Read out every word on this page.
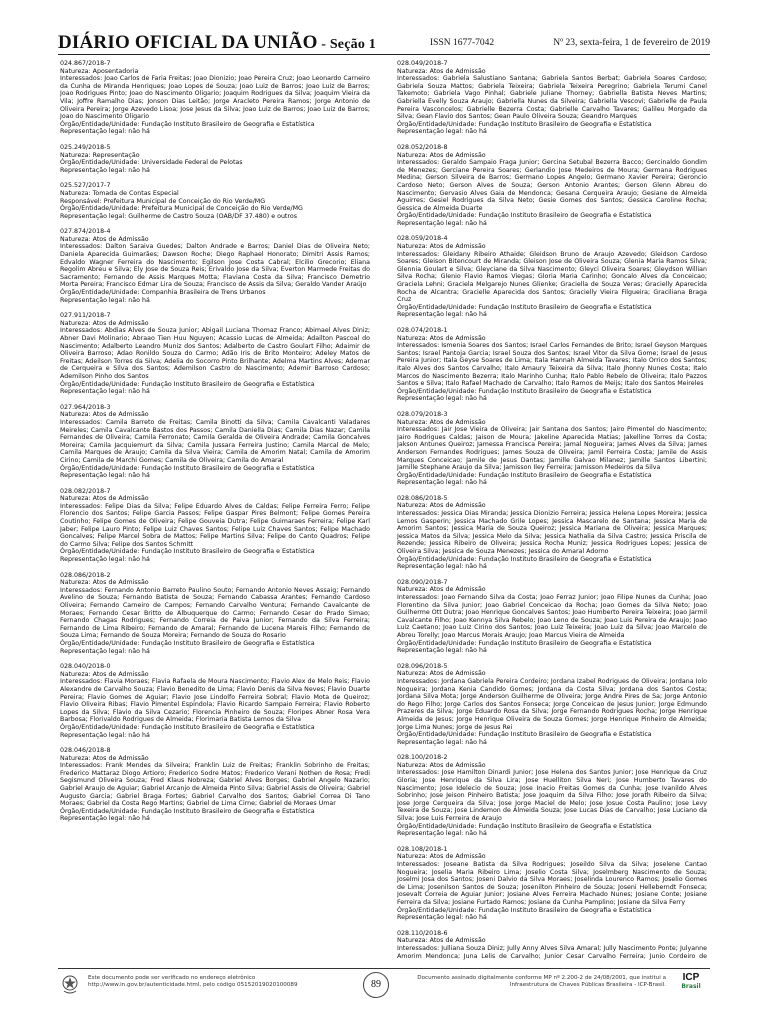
DIÁRIO OFICIAL DA UNIÃO - Seção 1	ISSN 1677-7042	Nº 23, sexta-feira, 1 de fevereiro de 2019

024.867/2018-7

Natureza: Aposentadoria

Interessados: Joao Carlos de Faria Freitas; Joao Dionizio; Joao Pereira Cruz; Joao Leonardo Carneiro da Cunha de Miranda Henriques; Joao Lopes de Souza; Joao Luiz de Barros; Joao Luiz de Barros; Joao Rodrigues Pinto; Joao do Nascimento Oligario; Joaquim Rodrigues da Silva; Joaquim Vieira da Vila; Joffre Ramalho Dias; Jonson Dias Leitão; Jorge Aracleto Pereira Ramos; Jorge Antonio de Oliveira Pereira; Jorge Azevedo Lisoa; Jose Jesus da Silva; Joao Luiz de Barros; Joao Luiz de Barros; Joao do Nascimento Oligario

Órgão/Entidade/Unidade: Fundação Instituto Brasileiro de Geografia e Estatística

Representação legal: não há

025.249/2018-5

Natureza: Representação

Órgão/Entidade/Unidade: Universidade Federal de Pelotas

Representação legal: não há

025.527/2017-7

Natureza: Tomada de Contas Especial

Responsável: Prefeitura Municipal de Conceição do Rio Verde/MG

Órgão/Entidade/Unidade: Prefeitura Municipal de Conceição do Rio Verde/MG

Representação legal: Guilherme de Castro Souza (OAB/DF 37.480) e outros

027.874/2018-4

Natureza: Atos de Admissão

Interessados: Dalton Saraiva Guedes; Dalton Andrade e Barros; Daniel Dias de Oliveira Neto; Daniela Aparecida Guimarães; Dawson Roche; Diego Raphael Honorato; Dimitri Assis Ramos; Edvaldo Wagner Ferreira do Nascimento; Egilson Jose Costa Cabral; Elcilio Grecorio; Eliana Regolim Abreu e Silva; Ely Jose de Souza Reis; Erivaldo Jose da Silva; Everton Marmede Freitas do Sacramento; Fernando de Assis Marques Motta; Flaviana Costa da Silva; Francisco Demetrio Morta Pereira; Francisco Edmar Lira de Souza; Francisco de Assis da Silva; Geraldo Vander Araújo

Órgão/Entidade/Unidade: Companhia Brasileira de Trens Urbanos

Representação legal: não há

027.911/2018-7

Natureza: Atos de Admissão

Interessados: Abdias Alves de Souza Junior; Abigail Luciana Thomaz Franco; Abimael Alves Diniz; Abner Davi Molinario; Abraao Tien Huu Nguyen; Acassio Lucas de Almeida; Adailton Pascoal do Nascimento; Adalberto Leandro Muniz dos Santos; Adalberto de Castro Goulart Filho; Adaimir de Oliveira Barroso; Adao Ronildo Souza do Carmo; Adão Iris de Brito Monteiro; Adeley Matos de Freitas; Adeilson Torres da Silva; Adelia do Socorro Pinto Brilhante; Adelma Martins Alves; Ademar de Cerqueira e Silva dos Santos; Ademilson Castro do Nascimento; Ademir Barroso Cardoso; Ademilson Pinho dos Santos

Órgão/Entidade/Unidade: Fundação Instituto Brasileiro de Geografia e Estatística

Representação legal: não há

027.964/2018-3

Natureza: Atos de Admissão

Interessados: Camila Barreto de Freitas; Camila Binotti da Silva; Camila Cavalcanti Valadares Meireles; Camila Cavalcante Bastos dos Passos; Camila Daniella Dias; Camila Dias Nazar; Camila Fernandes de Oliveira; Camila Ferronato; Camila Geralda de Oliveira Andrade; Camila Goncalves Moreira; Camila Jacquiemurt da Silva; Camila Jussara Ferreira Justino; Camila Marcal de Melo; Camila Marques de Araujo; Camila da Silva Vieira; Camila de Amorim Natal; Camila de Amorim Cirino; Camila de Marchi Gomes; Camila de Oliveira; Camila do Amaral

Órgão/Entidade/Unidade: Fundação Instituto Brasileiro de Geografia e Estatística

Representação legal: não há

028.082/2018-7

Natureza: Atos de Admissão

Interessados: Felipe Dias da Silva; Felipe Eduardo Alves de Caldas; Felipe Ferreira Ferro; Felipe Florencio dos Santos; Felipe Garcia Passos; Felipe Gaspar Pires Belmont; Felipe Gomes Pereira Coutinho; Felipe Gomes de Oliveira; Felipe Gouveia Dutra; Felipe Guimaraes Ferreira; Felipe Karl Jaber; Felipe Lauro Pinto; Felipe Luiz Chaves Santos; Felipe Luiz Chaves Santos; Felipe Machado Goncalves; Felipe Marcel Sobra de Mattos; Felipe Martins Silva; Felipe do Canto Quadros; Felipe do Carmo Silva; Felipe dos Santos Schmitt

Órgão/Entidade/Unidade: Fundação Instituto Brasileiro de Geografia e Estatística

Representação legal: não há

028.086/2018-2

Natureza: Atos de Admissão

Interessados: Fernando Antonio Barreto Paulino Souto; Fernando Antonio Neves Assaig; Fernando Avelino de Souza; Fernando Batista de Souza; Fernando Cabassa Arantes; Fernando Cardoso Oliveira; Fernando Carneiro de Campos; Fernando Carvalho Ventura; Fernando Cavalcante de Moraes; Fernando Cesar Britto de Albuquerque do Carmo; Fernando Cesar do Prado Simao; Fernando Chagas Rodrigues; Fernando Correia de Paiva Junior; Fernando da Silva Ferreira; Fernando de Lima Ribeiro; Fernando de Amaral; Fernando de Lucena Mareis Filho; Fernando de Souza Lima; Fernando de Souza Moreira; Fernando de Souza do Rosario

Órgão/Entidade/Unidade: Fundação Instituto Brasileiro de Geografia e Estatística

Representação legal: não há

028.040/2018-0

Natureza: Atos de Admissão

Interessados: Flavia Moraes; Flavia Rafaela de Moura Nascimento; Flavio Alex de Melo Reis; Flavio Alexandre de Carvalho Souza; Flavio Benedito de Lima; Flavio Denis da Silva Neves; Flavio Duarte Pereira; Flavio Gomes de Aguiar; Flavio Jose Lindolfo Ferreira Sobral; Flavio Mota de Queiroz; Flavio Oliveira Ribas; Flavio Pimentel Espindola; Flavio Ricardo Sampaio Ferreira; Flavio Roberto Lopes da Silva; Flavio da Silva Cezario; Florencia Pinheiro de Souza; Floripes Abner Rosa Vera Barbosa; Florivaldo Rodrigues de Almeida; Florimaria Batista Lemos da Silva

Órgão/Entidade/Unidade: Fundação Instituto Brasileiro de Geografia e Estatística

Representação legal: não há

028.046/2018-8

Natureza: Atos de Admissão

Interessados: Frank Mendes da Silveira; Franklin Luiz de Freitas; Franklin Sobrinho de Freitas; Frederico Mattaraz Diogo Artioro; Frederico Sodre Matos; Frederico Verani Nothen de Rosa; Fredi Segismund Oliveira Souza; Fred Klaus Nobreza; Gabriel Alves Borges; Gabriel Angelo Nazario; Gabriel Araujo de Aguiar; Gabriel Arcanjo de Almeida Pinto Silva; Gabriel Assis de Oliveira; Gabriel Augusto Garcia; Gabriel Braga Fortes; Gabriel Carvalho dos Santos; Gabriel Correa Di Tano Moraes; Gabriel da Costa Rego Martins; Gabriel de Lima Cirne; Gabriel de Moraes Umar

Órgão/Entidade/Unidade: Fundação Instituto Brasileiro de Geografia e Estatística

Representação legal: não há

028.049/2018-7

Natureza: Atos de Admissão

Interessados: Gabriela Salustiano Santana; Gabriela Santos Berbat; Gabriela Soares Cardoso; Gabriela Souza Mattos; Gabriela Teixeira; Gabriela Teixeira Peregrino; Gabriela Terumi Canel Takemoto; Gabriela Vago Pinhal; Gabriele Juliane Thorney; Gabriella Batista Neves Martins; Gabriella Evelly Souza Araujo; Gabriella Nunes da Silveira; Gabriella Vescovi; Gabrielle de Paula Pereira Vasconcelos; Gabrielle Bezerra Costa; Gabrielle Carvalho Tavares; Galileu Morgado da Silva; Gean Flavio dos Santos; Gean Paulo Oliveira Souza; Geandro Marques

Órgão/Entidade/Unidade: Fundação Instituto Brasileiro de Geografia e Estatística

Representação legal: não há

028.052/2018-8

Natureza: Atos de Admissão

Interessados: Geraldo Sampaio Fraga Junior; Gercina Setubal Bezerra Bacco; Gercinaldo Gondim de Menezes; Gerciane Pereira Soares; Gerlandio Jose Medeiros de Moura; Germana Rodrigues Medina; Gerson Silveira de Barros; Germano Lopes Angelo; Germano Xavier Pereira; Geroncio Cardoso Neto; Gerson Alves de Souza; Gerson Antonio Arantes; Gerson Glenn Abreu do Nascimento; Gervasio Alves Gaia de Mendonca; Gesana Cerqueira Araujo; Gesiane de Almeida Aguirres; Gesiel Rodrigues da Silva Neto; Gesie Gomes dos Santos; Gessica Caroline Rocha; Gessica de Almeida Duarte

Órgão/Entidade/Unidade: Fundação Instituto Brasileiro de Geografia e Estatística

Representação legal: não há

028.059/2018-4

Natureza: Atos de Admissão

Interessados: Gleidany Ribeiro Athaide; Gleidson Bruno de Araujo Azevedo; Gleidson Cardoso Soares; Gleison Bitencourt de Miranda; Gleison Jose de Oliveira Souza; Glenia Maria Ramos Silva; Glennia Goulart e Silva; Gleyciane da Silva Nascimento; Gleyci Oliveira Soares; Gleydson Willian Silva Rocha; Glenio Flavio Ramos Viegas; Gloria Maria Carinho; Goncalo Alves da Conceicao; Graciela Lehni; Graciela Melgarejo Nunes Glienke; Graciella de Souza Veras; Gracielly Aparecida Rocha de Alcantra; Gracielle Aparecida dos Santos; Gracielly Vieira Filgueira; Graciliana Braga Cruz

Órgão/Entidade/Unidade: Fundação Instituto Brasileiro de Geografia e Estatística

Representação legal: não há

028.074/2018-1

Natureza: Atos de Admissão

Interessados: Ismenia Soares dos Santos; Israel Carlos Fernandes de Brito; Israel Geyson Marques Santos; Israel Pantoja Garcia; Israel Souza dos Santos; Israel Vitor da Silva Gome; Israel de Jesus Pereira Junior; Itala Geyse Soares de Lima; Itala Hannah Almeida Tavares; Italo Orrico dos Santos; Italo Alves dos Santos Carvalho; Italo Amaury Teixeira da Silva; Italo Jhonny Nunes Costa; Italo Marcos do Nascimento Bezerra; Italo Marinho Cunha; Italo Pablo Rebelo de Oliveira; Italo Pazzos Santos e Silva; Italo Rafael Machado de Carvalho; Italo Ramos de Meijs; Italo dos Santos Meireles

Órgão/Entidade/Unidade: Fundação Instituto Brasileiro de Geografia e Estatística

Representação legal: não há

028.079/2018-3

Natureza: Atos de Admissão

Interessados: Jair Jose Vieira de Oliveira; Jair Santana dos Santos; Jairo Pimentel do Nascimento; Jairo Rodrigues Caldas; Jaison de Moura; Jakeline Aparecida Matias; Jakelline Torres da Costa; Jakson Antunes Queiroz; Jamessa Francisca Pereira; Jamal Nogueira; James Alves da Silva; James Anderson Fernandes Rodrigues; James Souza de Oliveira; Jamil Ferreira Costa; Jamile de Assis Marques Conceicao; Jamile de Jesus Dantas; Jamille Galvao Milanez; Jamille Santos Libertini; Jamille Stephane Araujo da Silva; Jamisson Iley Ferreira; Jamisson Medeiros da Silva

Órgão/Entidade/Unidade: Fundação Instituto Brasileiro de Geografia e Estatística

Representação legal: não há

028.086/2018-5

Natureza: Atos de Admissão

Interessados: Jessica Dias Miranda; Jessica Dionizio Ferreira; Jessica Helena Lopes Moreira; Jessica Lemos Gasperin; Jessica Machado Grile Lopes; Jessica Mascarelo de Santana; Jessica Maria de Amorim Santos; Jessica Maria de Souza Queiroz; Jessica Mariana de Oliveira; Jessica Marques; Jessica Matos da Silva; Jessica Melo da Silva; Jessica Nathalia da Silva Castro; Jessica Priscila de Rezende; Jessica Ribeiro de Oliveira; Jessica Rocha Muniz; Jessica Rodrigues Lopes; Jessica de Oliveira Silva; Jessica de Souza Menezes; Jessica do Amaral Adorno

Órgão/Entidade/Unidade: Fundação Instituto Brasileiro de Geografia e Estatística

Representação legal: não há

028.090/2018-7

Natureza: Atos de Admissão

Interessados: Joao Fernando Silva da Costa; Joao Ferraz Junior; Joao Filipe Nunes da Cunha; Joao Florentino da Silva Junior; Joao Gabriel Conceicao da Rocha; Joao Gomes da Silva Neto; Joao Guilherme Ott Dutra; Joao Henrique Goncalves Santos; Joao Humberto Pereira Teixeira; Joao Jarmil Cavalcante Filho; Joao Kennya Silva Rebelo; Joao Leno de Souza; Joao Luis Pereira de Araujo; Joao Luiz Caetano; Joao Luiz Cirino dos Santos; Joao Luiz Teixeira; Joao Luiz da Silva; Joao Marcelo de Abreu Torelly; Joao Marcus Morais Araujo; Joao Marcus Vieira de Almeida

Órgão/Entidade/Unidade: Fundação Instituto Brasileiro de Geografia e Estatística

Representação legal: não há

028.096/2018-5

Natureza: Atos de Admissão

Interessados: Jordana Gabriela Pereira Cordeiro; Jordana Izabel Rodrigues de Oliveira; Jordana Iolo Nogueira; Jordana Kenia Candido Gomes; Jordana da Costa Silva; Jordana dos Santos Costa; Jordana Silva Mota; Jorge Anderson Guilherme de Oliveira; Jorge Andre Pires de Sa; Jorge Antonio do Rego Filho; Jorge Carlos dos Santos Fonseca; Jorge Conceicao de Jesus Junior; Jorge Edmundo Prazeres da Silva; Jorge Eduardo Rosa da Silva; Jorge Fernando Rodrigues Rocha; Jorge Henrique Almeida de Jesus; Jorge Henrique Oliveira de Souza Gomes; Jorge Henrique Pinheiro de Almeida; Jorge Lima Nunes; Jorge de Jesus Rei

Órgão/Entidade/Unidade: Fundação Instituto Brasileiro de Geografia e Estatística

Representação legal: não há

028.100/2018-2

Natureza: Atos de Admissão

Interessados: Jose Hamilton Dinardi Junior; Jose Helena dos Santos Junior; Jose Henrique da Cruz Gloria; Jose Henrique da Silva Lira; Jose Huelliton Silva Neri; Jose Humberto Tavares do Nascimento; Jose Idelecio de Souza; Jose Inacio Freitas Gomes da Cunha; Jose Ivanildo Alves Sobrinho; Jose Jeison Pinheiro Batista; Jose Joaquim da Silva Filho; Jose Jorath Ribeiro da Silva; Jose Jorge Cerqueira da Silva; Jose Jorge Maciel de Melo; Jose Josue Costa Paulino; Jose Levy Texeira de Souza; Jose Lindemon de Almeida Souza; Jose Lucas Dias de Carvalho; Jose Luciano da Silva; Jose Luis Ferreira de Araujo

Órgão/Entidade/Unidade: Fundação Instituto Brasileiro de Geografia e Estatística

Representação legal: não há

028.108/2018-1

Natureza: Atos de Admissão

Interessados: Joseane Batista da Silva Rodrigues; Joseildo Silva da Silva; Joselene Cantao Nogueira; Joselia Maria Ribeiro Lima; Joselio Costa Silva; Joselmberg Nascimento de Souza; Joselmi Josa dos Santos; Joseni Dalvio da Silva Moraes; Joselinda Lourenco Ramos; Joselio Gomes de Lima; Josenilson Santos de Souza; Josenilton Pinheiro de Souza; Joseni Helleberndt Fonseca; Josevalt Correia de Aguiar Junior; Josiane Alves Ferreira Machado Nunes; Josiane Conte; Josiane Ferreira da Silva; Josiane Furtado Ramos; Josiane da Cunha Pamplino; Josiane da Silva Ferry

Órgão/Entidade/Unidade: Fundação Instituto Brasileiro de Geografia e Estatística

Representação legal: não há

028.110/2018-6

Natureza: Atos de Admissão

Interessados: Julliana Souza Diniz; Jully Anny Alves Silva Amaral; Jully Nascimento Ponte; Julyanne Amorim Mendonca; Juna Lelis de Carvalho; Junior Cesar Carvalho Ferreira; Junio Cordeiro de

Este documento pode ser verificado no endereço eletrônico http://www.in.gov.br/autenticidade.html, pelo código 05152019020100089	89
Documento assinado digitalmente conforme MP nº 2.200-2 de 24/08/2001, que institui a Infraestrutura de Chaves Públicas Brasileira - ICP-Brasil.
ICP
Brasil
